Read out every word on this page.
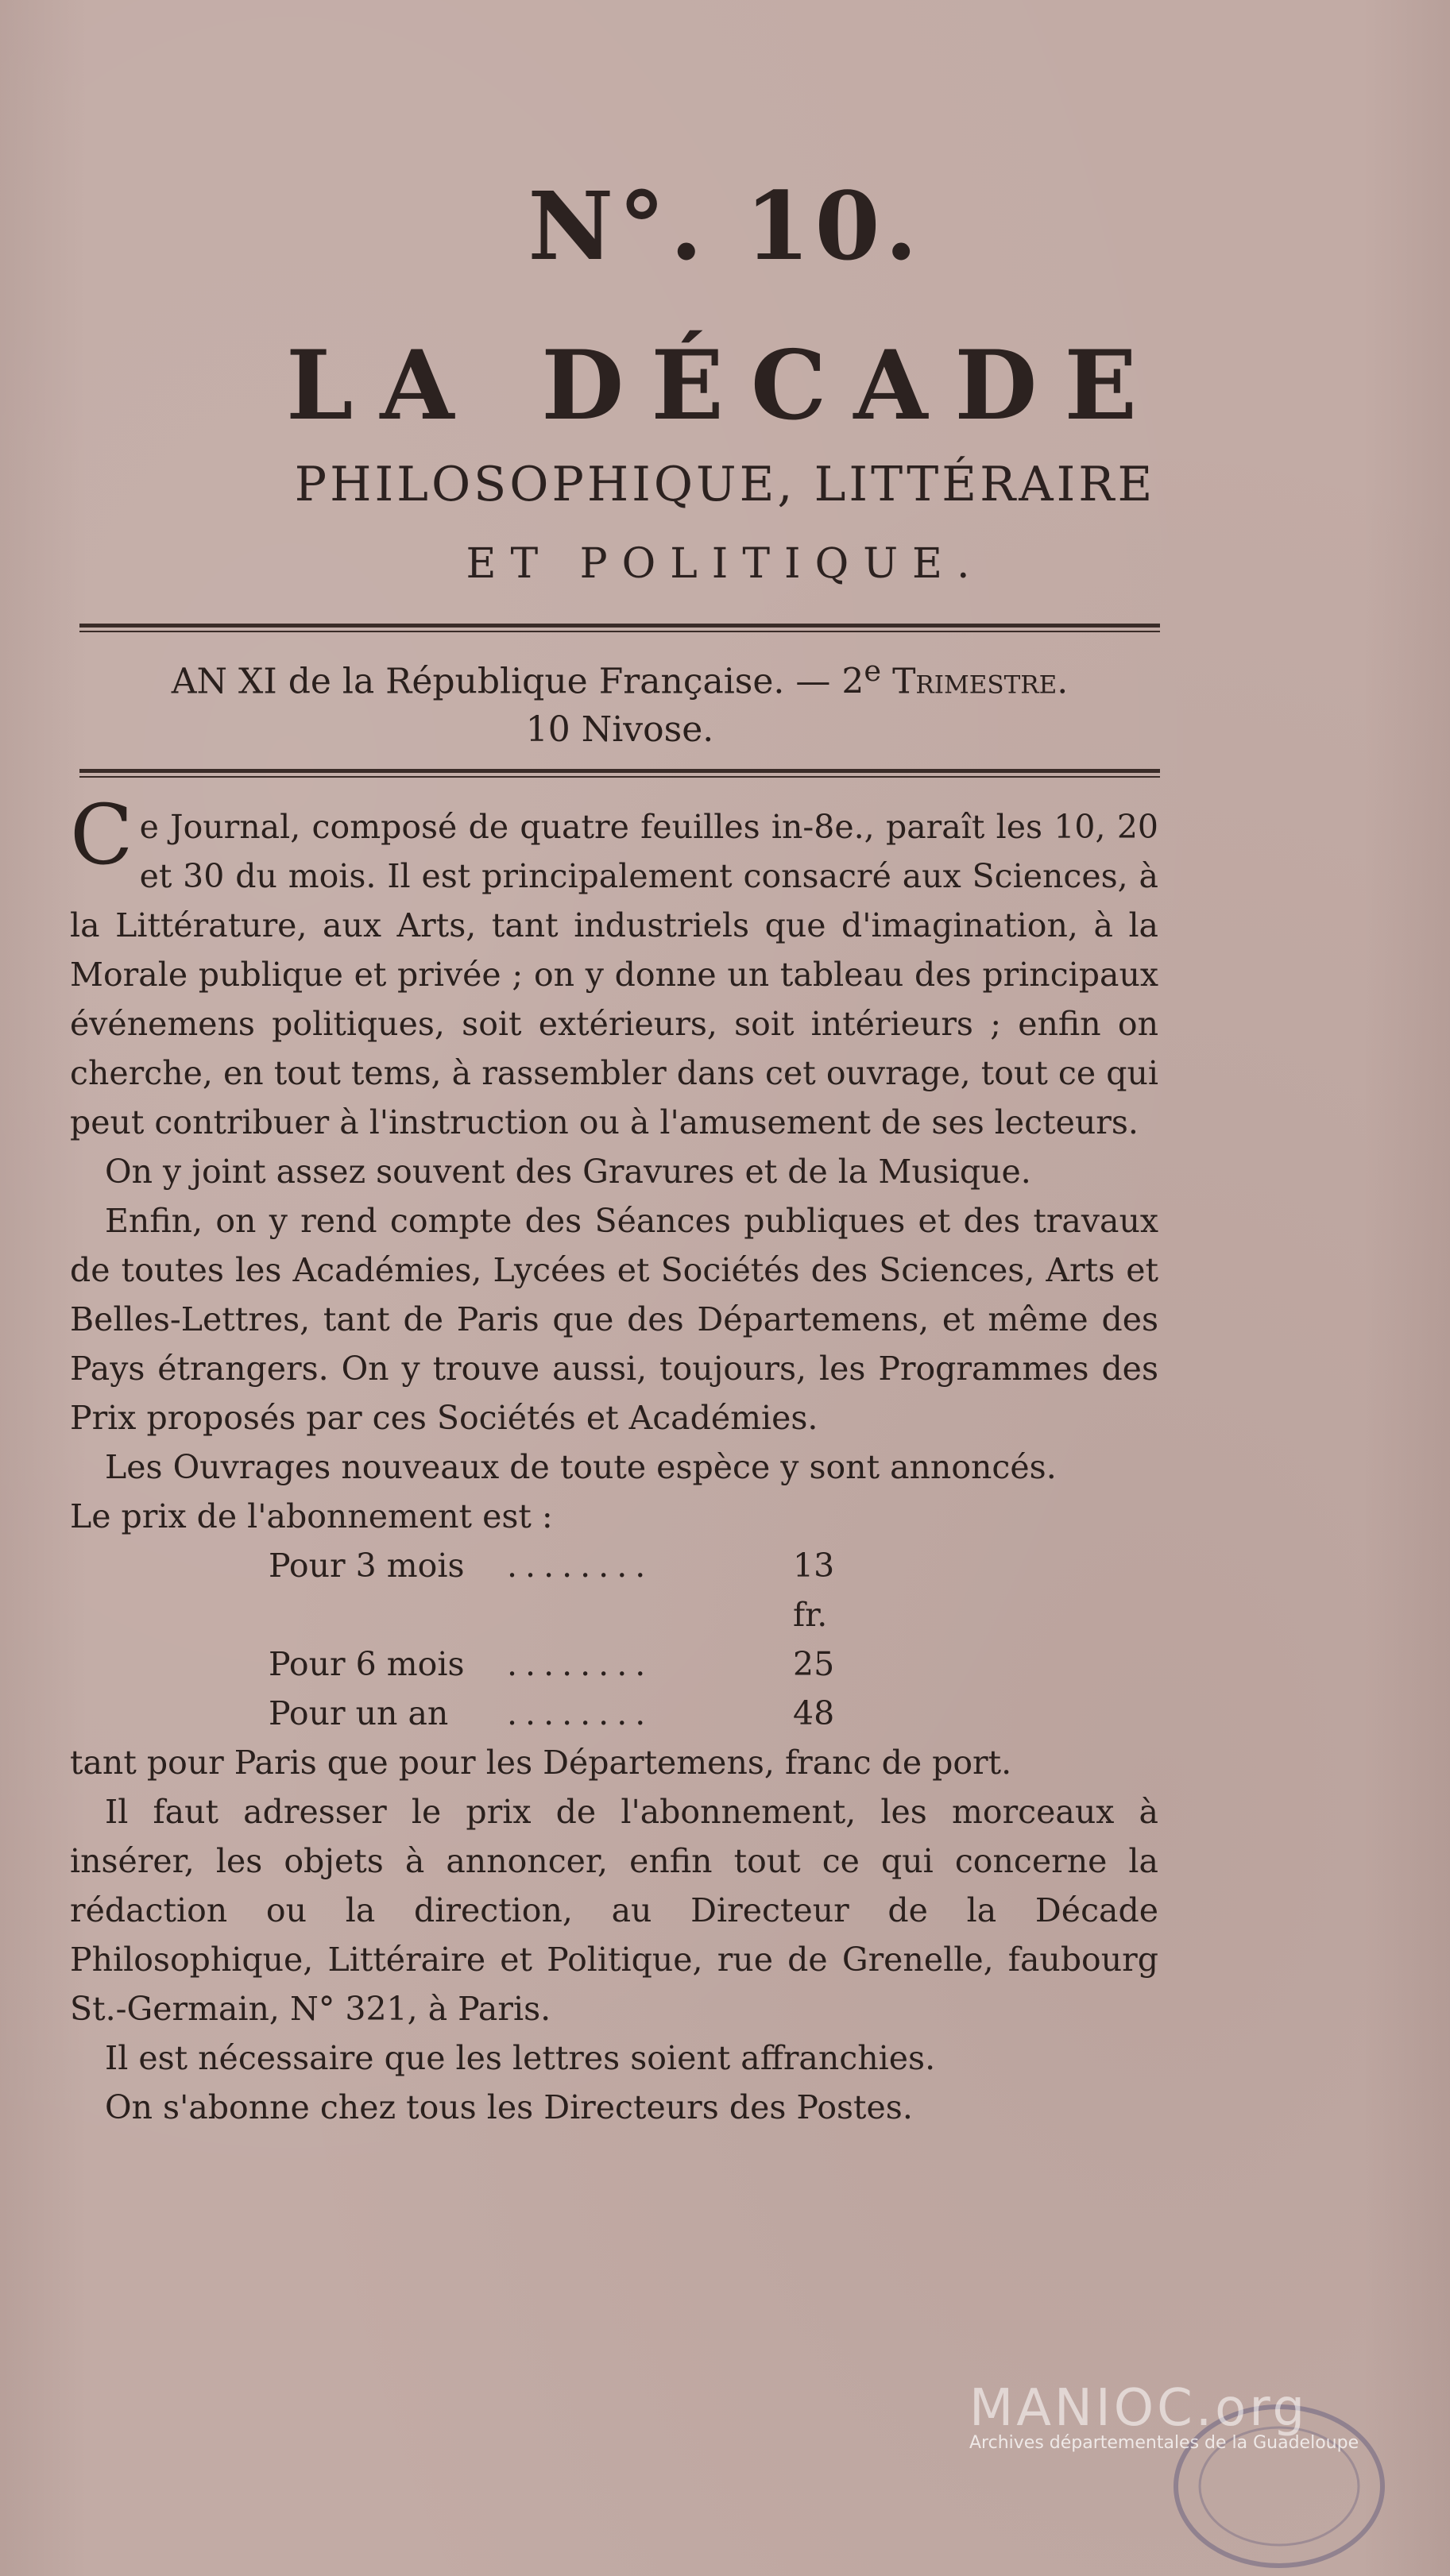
N°. 10.
LA DÉCADE
PHILOSOPHIQUE, LITTÉRAIRE
ET POLITIQUE.
AN XI de la République Française. — 2e Trimestre.
10 Nivose.

Ce Journal, composé de quatre feuilles in-8e., paraît les 10, 20 et 30 du mois. Il est principalement consacré aux Sciences, à la Littérature, aux Arts, tant industriels que d'imagination, à la Morale publique et privée ; on y donne un tableau des principaux événemens politiques, soit extérieurs, soit intérieurs ; enfin on cherche, en tout tems, à rassembler dans cet ouvrage, tout ce qui peut contribuer à l'instruction ou à l'amusement de ses lecteurs.

On y joint assez souvent des Gravures et de la Musique.

Enfin, on y rend compte des Séances publiques et des travaux de toutes les Académies, Lycées et Sociétés des Sciences, Arts et Belles-Lettres, tant de Paris que des Départemens, et même des Pays étrangers. On y trouve aussi, toujours, les Programmes des Prix proposés par ces Sociétés et Académies.

Les Ouvrages nouveaux de toute espèce y sont annoncés.

Le prix de l'abonnement est :

Pour 3 mois	........	13 fr.
Pour 6 mois	........	25
Pour un an	........	48

tant pour Paris que pour les Départemens, franc de port.

Il faut adresser le prix de l'abonnement, les morceaux à insérer, les objets à annoncer, enfin tout ce qui concerne la rédaction ou la direction, au Directeur de la Décade Philosophique, Littéraire et Politique, rue de Grenelle, faubourg St.-Germain, N° 321, à Paris.

Il est nécessaire que les lettres soient affranchies.

On s'abonne chez tous les Directeurs des Postes.

MANIOC.org
Archives départementales de la Guadeloupe
